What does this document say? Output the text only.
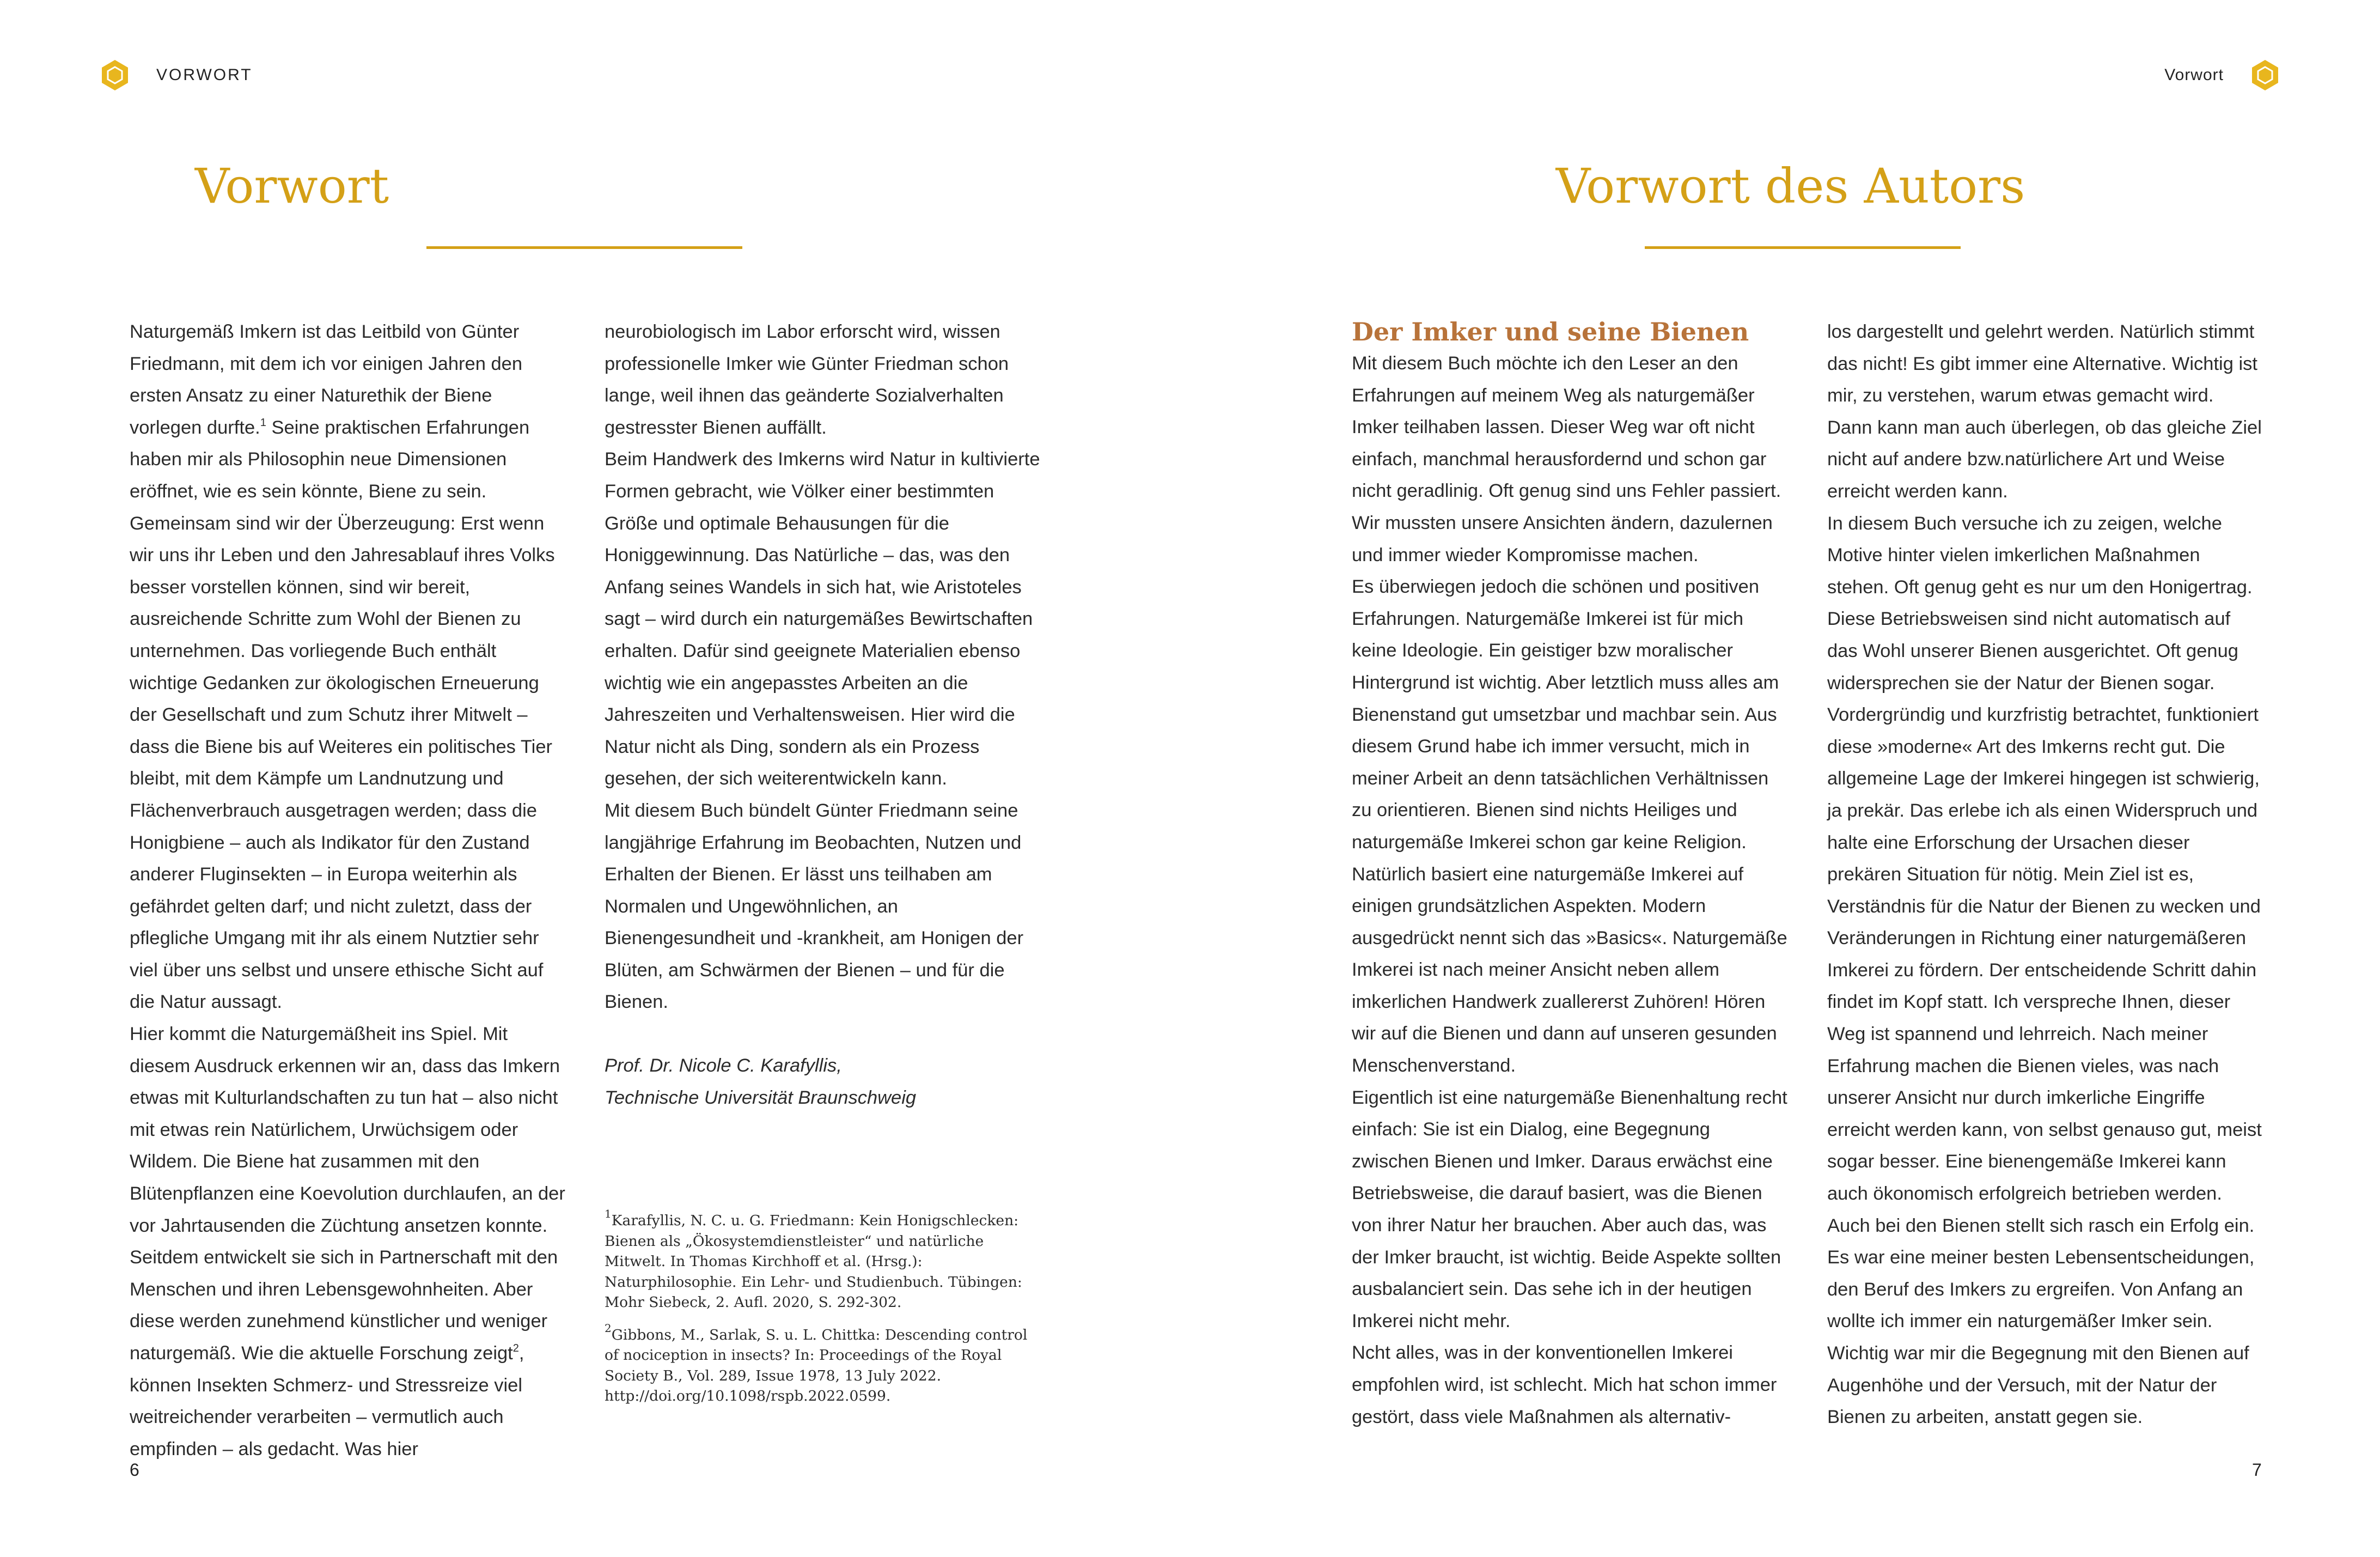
VORWORT
Vorwort

Naturgemäß Imkern ist das Leitbild von Günter Friedmann, mit dem ich vor einigen Jahren den ersten Ansatz zu einer Naturethik der Biene vorlegen durfte.$^1$ Seine praktischen Erfahrungen haben mir als Philosophin neue Dimensionen eröffnet, wie es sein könnte, Biene zu sein. Gemeinsam sind wir der Überzeugung: Erst wenn wir uns ihr Leben und den Jahresablauf ihres Volks besser vorstellen können, sind wir bereit, ausreichende Schritte zum Wohl der Bienen zu unternehmen. Das vorliegende Buch enthält wichtige Gedanken zur ökologischen Erneuerung der Gesellschaft und zum Schutz ihrer Mitwelt – dass die Biene bis auf Weiteres ein politisches Tier bleibt, mit dem Kämpfe um Landnutzung und Flächenverbrauch ausgetragen werden; dass die Honigbiene – auch als Indikator für den Zustand anderer Fluginsekten – in Europa weiterhin als gefährdet gelten darf; und nicht zuletzt, dass der pflegliche Umgang mit ihr als einem Nutztier sehr viel über uns selbst und unsere ethische Sicht auf die Natur aussagt.

Hier kommt die Naturgemäßheit ins Spiel. Mit diesem Ausdruck erkennen wir an, dass das Imkern etwas mit Kulturlandschaften zu tun hat – also nicht mit etwas rein Natürlichem, Urwüchsigem oder Wildem. Die Biene hat zusammen mit den Blütenpflanzen eine Koevolution durchlaufen, an der vor Jahrtausenden die Züchtung ansetzen konnte. Seitdem entwickelt sie sich in Partnerschaft mit den Menschen und ihren Lebensgewohnheiten. Aber diese werden zunehmend künstlicher und weniger naturgemäß. Wie die aktuelle Forschung zeigt$^2$, können Insekten Schmerz- und Stressreize viel weitreichender verarbeiten – vermutlich auch empfinden – als gedacht. Was hier

neurobiologisch im Labor erforscht wird, wissen professionelle Imker wie Günter Friedman schon lange, weil ihnen das geänderte Sozialverhalten gestresster Bienen auffällt.

Beim Handwerk des Imkerns wird Natur in kultivierte Formen gebracht, wie Völker einer bestimmten Größe und optimale Behausungen für die Honiggewinnung. Das Natürliche – das, was den Anfang seines Wandels in sich hat, wie Aristoteles sagt – wird durch ein naturgemäßes Bewirtschaften erhalten. Dafür sind geeignete Materialien ebenso wichtig wie ein angepasstes Arbeiten an die Jahreszeiten und Verhaltensweisen. Hier wird die Natur nicht als Ding, sondern als ein Prozess gesehen, der sich weiterentwickeln kann.

Mit diesem Buch bündelt Günter Friedmann seine langjährige Erfahrung im Beobachten, Nutzen und Erhalten der Bienen. Er lässt uns teilhaben am Normalen und Ungewöhnlichen, an Bienengesundheit und -krankheit, am Honigen der Blüten, am Schwärmen der Bienen – und für die Bienen.

Prof. Dr. Nicole C. Karafyllis,
Technische Universität Braunschweig

$^1$Karafyllis, N. C. u. G. Friedmann: Kein Honigschlecken: Bienen als „Ökosystemdienstleister“ und natürliche Mitwelt. In Thomas Kirchhoff et al. (Hrsg.): Naturphilosophie. Ein Lehr- und Studienbuch. Tübingen: Mohr Siebeck, 2. Aufl. 2020, S. 292-302.

$^2$Gibbons, M., Sarlak, S. u. L. Chittka: Descending control of nociception in insects? In: Proceedings of the Royal Society B., Vol. 289, Issue 1978, 13 July 2022. http://doi.org/10.1098/rspb.2022.0599.

6
Vorwort
Vorwort des Autors
Der Imker und seine Bienen

Mit diesem Buch möchte ich den Leser an den Erfahrungen auf meinem Weg als naturgemäßer Imker teilhaben lassen. Dieser Weg war oft nicht einfach, manchmal herausfordernd und schon gar nicht geradlinig. Oft genug sind uns Fehler passiert. Wir mussten unsere Ansichten ändern, dazulernen und immer wieder Kompromisse machen.

Es überwiegen jedoch die schönen und positiven Erfahrungen. Naturgemäße Imkerei ist für mich keine Ideologie. Ein geistiger bzw moralischer Hintergrund ist wichtig. Aber letztlich muss alles am Bienenstand gut umsetzbar und machbar sein. Aus diesem Grund habe ich immer versucht, mich in meiner Arbeit an denn tatsächlichen Verhältnissen zu orientieren. Bienen sind nichts Heiliges und naturgemäße Imkerei schon gar keine Religion.

Natürlich basiert eine naturgemäße Imkerei auf einigen grundsätzlichen Aspekten. Modern ausgedrückt nennt sich das »Basics«. Naturgemäße Imkerei ist nach meiner Ansicht neben allem imkerlichen Handwerk zuallererst Zuhören! Hören wir auf die Bienen und dann auf unseren gesunden Menschenverstand.

Eigentlich ist eine naturgemäße Bienenhaltung recht einfach: Sie ist ein Dialog, eine Begegnung zwischen Bienen und Imker. Daraus erwächst eine Betriebsweise, die darauf basiert, was die Bienen von ihrer Natur her brauchen. Aber auch das, was der Imker braucht, ist wichtig. Beide Aspekte sollten ausbalanciert sein. Das sehe ich in der heutigen Imkerei nicht mehr.

Ncht alles, was in der konventionellen Imkerei empfohlen wird, ist schlecht. Mich hat schon immer gestört, dass viele Maßnahmen als alternativ-

los dargestellt und gelehrt werden. Natürlich stimmt das nicht! Es gibt immer eine Alternative. Wichtig ist mir, zu verstehen, warum etwas gemacht wird. Dann kann man auch überlegen, ob das gleiche Ziel nicht auf andere bzw.natürlichere Art und Weise erreicht werden kann.

In diesem Buch versuche ich zu zeigen, welche Motive hinter vielen imkerlichen Maßnahmen stehen. Oft genug geht es nur um den Honigertrag. Diese Betriebsweisen sind nicht automatisch auf das Wohl unserer Bienen ausgerichtet. Oft genug widersprechen sie der Natur der Bienen sogar. Vordergründig und kurzfristig betrachtet, funktioniert diese »moderne« Art des Imkerns recht gut. Die allgemeine Lage der Imkerei hingegen ist schwierig, ja prekär. Das erlebe ich als einen Widerspruch und halte eine Erforschung der Ursachen dieser prekären Situation für nötig. Mein Ziel ist es, Verständnis für die Natur der Bienen zu wecken und Veränderungen in Richtung einer naturgemäßeren Imkerei zu fördern. Der entscheidende Schritt dahin findet im Kopf statt. Ich verspreche Ihnen, dieser Weg ist spannend und lehrreich. Nach meiner Erfahrung machen die Bienen vieles, was nach unserer Ansicht nur durch imkerliche Eingriffe erreicht werden kann, von selbst genauso gut, meist sogar besser. Eine bienengemäße Imkerei kann auch ökonomisch erfolgreich betrieben werden.

Auch bei den Bienen stellt sich rasch ein Erfolg ein. Es war eine meiner besten Lebensentscheidungen, den Beruf des Imkers zu ergreifen. Von Anfang an wollte ich immer ein naturgemäßer Imker sein. Wichtig war mir die Begegnung mit den Bienen auf Augenhöhe und der Versuch, mit der Natur der Bienen zu arbeiten, anstatt gegen sie.

7
